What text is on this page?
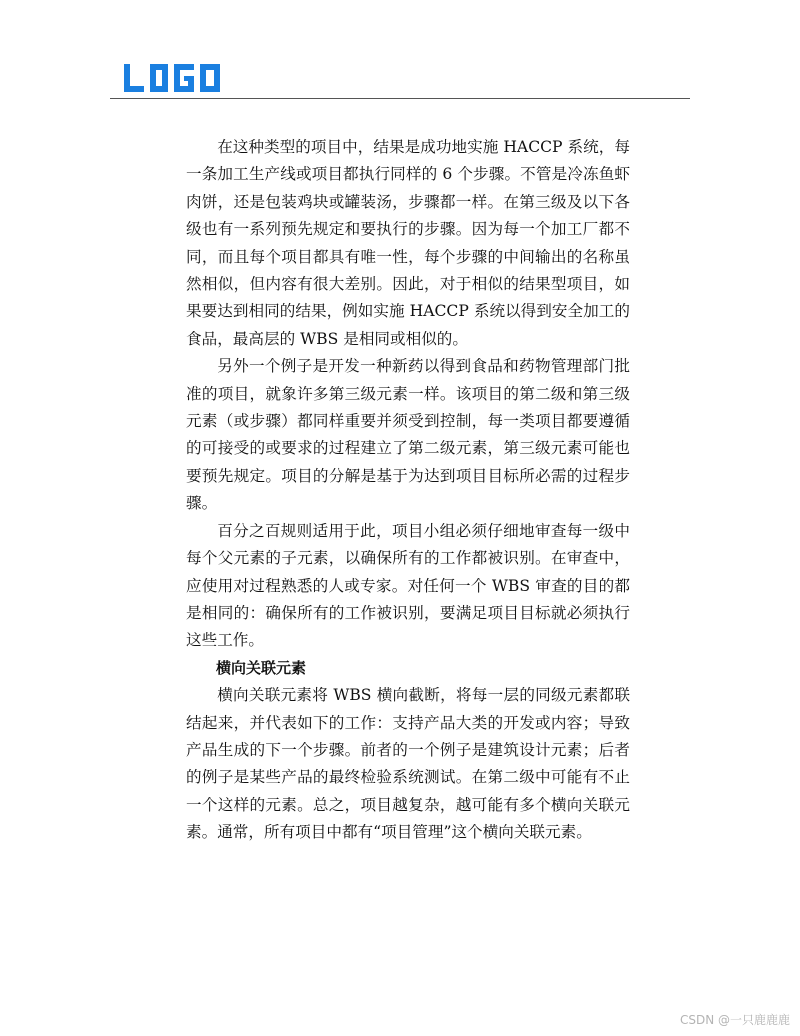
在这种类型的项目中，结果是成功地实施 HACCP 系统，每一条加工生产线或项目都执行同样的 6 个步骤。不管是冷冻鱼虾肉饼，还是包装鸡块或罐装汤，步骤都一样。在第三级及以下各级也有一系列预先规定和要执行的步骤。因为每一个加工厂都不同，而且每个项目都具有唯一性，每个步骤的中间输出的名称虽然相似，但内容有很大差别。因此，对于相似的结果型项目，如果要达到相同的结果，例如实施 HACCP 系统以得到安全加工的食品，最高层的 WBS 是相同或相似的。

另外一个例子是开发一种新药以得到食品和药物管理部门批准的项目，就象许多第三级元素一样。该项目的第二级和第三级元素（或步骤）都同样重要并须受到控制，每一类项目都要遵循的可接受的或要求的过程建立了第二级元素，第三级元素可能也要预先规定。项目的分解是基于为达到项目目标所必需的过程步骤。

百分之百规则适用于此，项目小组必须仔细地审查每一级中每个父元素的子元素，以确保所有的工作都被识别。在审查中，应使用对过程熟悉的人或专家。对任何一个 WBS 审查的目的都是相同的：确保所有的工作被识别，要满足项目目标就必须执行这些工作。

横向关联元素

横向关联元素将 WBS 横向截断，将每一层的同级元素都联结起来，并代表如下的工作：支持产品大类的开发或内容；导致产品生成的下一个步骤。前者的一个例子是建筑设计元素；后者的例子是某些产品的最终检验系统测试。在第二级中可能有不止一个这样的元素。总之，项目越复杂，越可能有多个横向关联元素。通常，所有项目中都有“项目管理”这个横向关联元素。

CSDN @一只鹿鹿鹿
